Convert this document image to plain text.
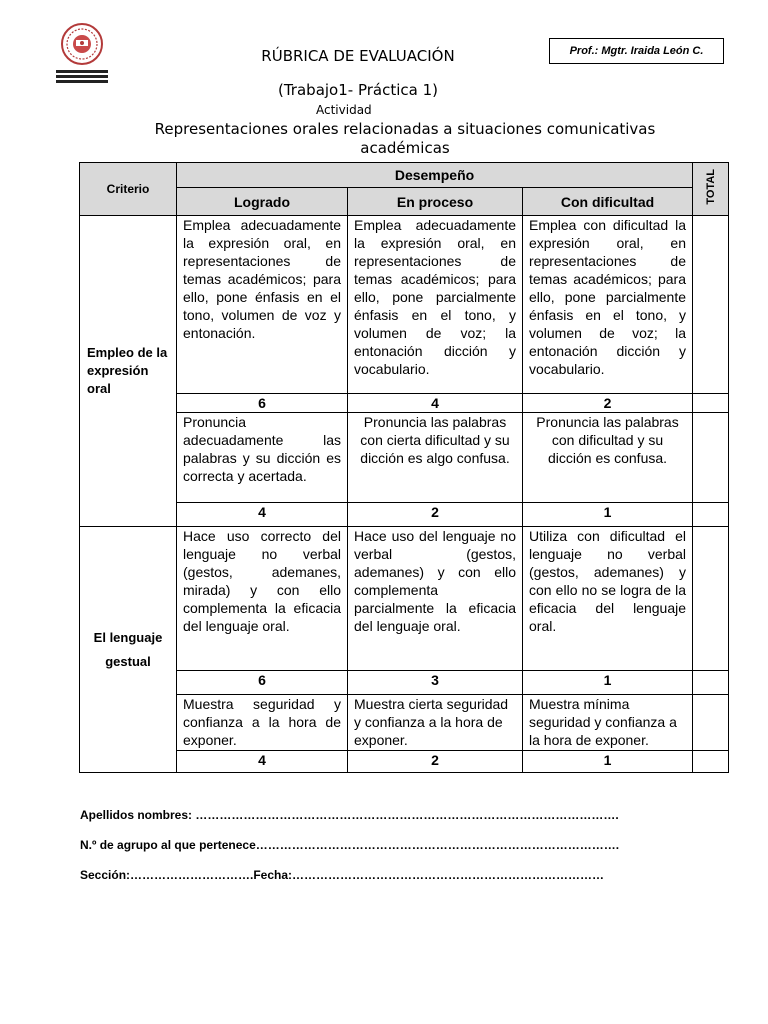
RÚBRICA DE EVALUACIÓN
(Trabajo1- Práctica 1)
Actividad
Representaciones orales relacionadas a situaciones comunicativas académicas
Prof.: Mgtr. Iraida León C.
Criterio	Desempeño			TOTAL
	Logrado	En proceso	Con dificultad	
Empleo de la expresión oral	Emplea adecuadamente la expresión oral, en representaciones de temas académicos; para ello, pone énfasis en el tono, volumen de voz y entonación.	Emplea adecuadamente la expresión oral, en representaciones de temas académicos; para ello, pone parcialmente énfasis en el tono, y volumen de voz; la entonación dicción y vocabulario.	Emplea con dificultad la expresión oral, en representaciones de temas académicos; para ello, pone parcialmente énfasis en el tono, y volumen de voz; la entonación dicción y vocabulario.	
	6	4	2	
	Pronuncia adecuadamente las palabras y su dicción es correcta y acertada.	Pronuncia las palabras con cierta dificultad y su dicción es algo confusa.	Pronuncia las palabras con dificultad y su dicción es confusa.	
	4	2	1	
El lenguaje gestual	Hace uso correcto del lenguaje no verbal (gestos, ademanes, mirada) y con ello complementa la eficacia del lenguaje oral.	Hace uso del lenguaje no verbal (gestos, ademanes) y con ello complementa parcialmente la eficacia del lenguaje oral.	Utiliza con dificultad el lenguaje no verbal (gestos, ademanes) y con ello no se logra de la eficacia del lenguaje oral.	
	6	3	1	
	Muestra seguridad y confianza a la hora de exponer.	Muestra cierta seguridad y confianza a la hora de exponer.	Muestra mínima seguridad y confianza a la hora de exponer.	
	4	2	1	
Apellidos nombres: …………………………………………………………………………………………….
N.º de agrupo al que pertenece……………………………………………………………………………….
Sección:………………………….Fecha:……………………………………………………………………
